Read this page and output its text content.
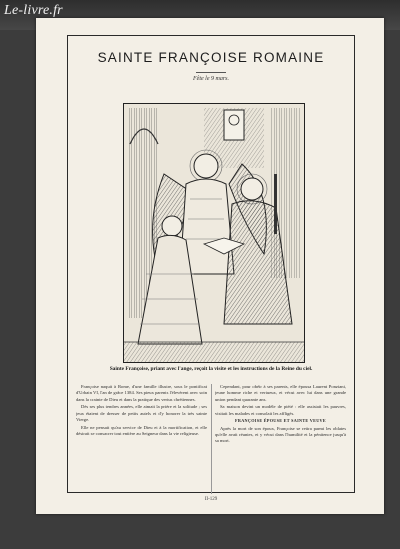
Le-livre.fr
SAINTE FRANÇOISE ROMAINE
Fête le 9 mars.
Sainte Françoise, priant avec l'ange, reçoit la visite et les instructions de la Reine du ciel.

Françoise naquit à Rome, d'une famille illustre, sous le pontificat d'Urbain VI, l'an de grâce 1384. Ses pieux parents l'élevèrent avec soin dans la crainte de Dieu et dans la pratique des vertus chrétiennes.

Dès ses plus tendres années, elle aimait la prière et la solitude ; ses jeux étaient de dresser de petits autels et d'y honorer la très sainte Vierge.

Elle ne pensait qu'au service de Dieu et à la mortification, et elle désirait se consacrer tout entière au Seigneur dans la vie religieuse.

Cependant, pour obéir à ses parents, elle épousa Laurent Ponziani, jeune homme riche et vertueux, et vécut avec lui dans une grande union pendant quarante ans.

Sa maison devint un modèle de piété : elle assistait les pauvres, visitait les malades et consolait les affligés.

FRANÇOISE ÉPOUSE ET SAINTE VEUVE

Après la mort de son époux, Françoise se retira parmi les oblates qu'elle avait réunies, et y vécut dans l'humilité et la pénitence jusqu'à sa mort.

II-129
